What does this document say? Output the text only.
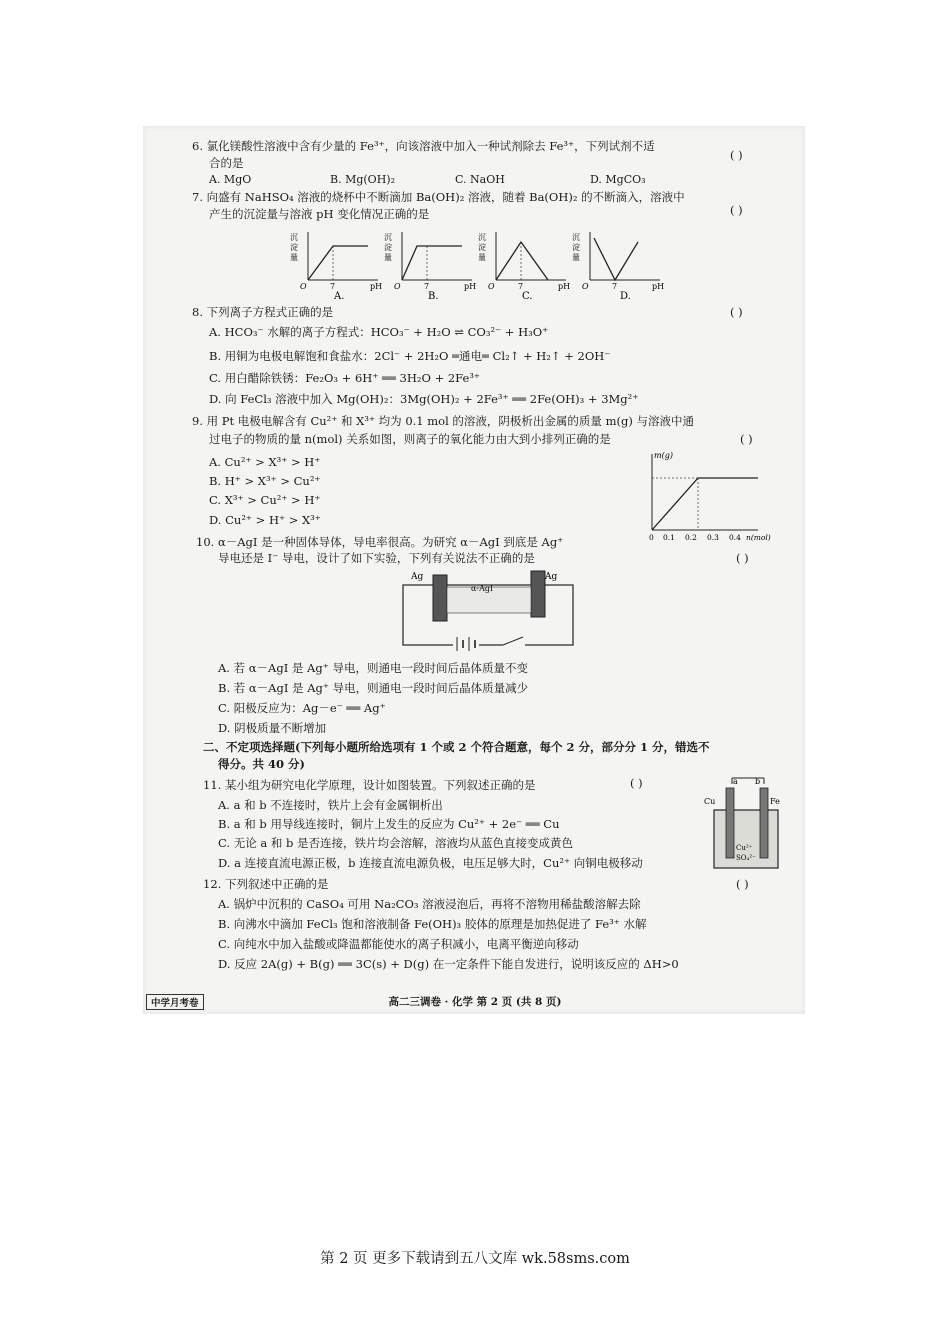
6. 氯化镁酸性溶液中含有少量的 Fe³⁺，向该溶液中加入一种试剂除去 Fe³⁺，下列试剂不适
合的是
( )
A. MgO	B. Mg(OH)₂	C. NaOH	D. MgCO₃
7. 向盛有 NaHSO₄ 溶液的烧杯中不断滴加 Ba(OH)₂ 溶液，随着 Ba(OH)₂ 的不断滴入，溶液中
产生的沉淀量与溶液 pH 变化情况正确的是	( )
沉
淀
量
O	7	pH
A.
沉
淀
量
O	7	pH
B.
沉
淀
量
O	7	pH
C.
沉
淀
量
O	7	pH
D.
8. 下列离子方程式正确的是	( )
A. HCO₃⁻ 水解的离子方程式：HCO₃⁻ + H₂O ⇌ CO₃²⁻ + H₃O⁺
B. 用铜为电极电解饱和食盐水：2Cl⁻ + 2H₂O ═通电═ Cl₂↑ + H₂↑ + 2OH⁻
C. 用白醋除铁锈：Fe₂O₃ + 6H⁺ ══ 3H₂O + 2Fe³⁺
D. 向 FeCl₃ 溶液中加入 Mg(OH)₂：3Mg(OH)₂ + 2Fe³⁺ ══ 2Fe(OH)₃ + 3Mg²⁺
9. 用 Pt 电极电解含有 Cu²⁺ 和 X³⁺ 均为 0.1 mol 的溶液，阴极析出金属的质量 m(g) 与溶液中通
过电子的物质的量 n(mol) 关系如图，则离子的氧化能力由大到小排列正确的是	( )
A. Cu²⁺ > X³⁺ > H⁺
B. H⁺ > X³⁺ > Cu²⁺
C. X³⁺ > Cu²⁺ > H⁺
D. Cu²⁺ > H⁺ > X³⁺
m(g)
0 0.1 0.2 0.3 0.4 n(mol)
10. α－AgI 是一种固体导体，导电率很高。为研究 α－AgI 到底是 Ag⁺
导电还是 I⁻ 导电，设计了如下实验，下列有关说法不正确的是	( )
Ag	Ag
α-AgI
A. 若 α－AgI 是 Ag⁺ 导电，则通电一段时间后晶体质量不变
B. 若 α－AgI 是 Ag⁺ 导电，则通电一段时间后晶体质量减少
C. 阳极反应为：Ag－e⁻ ══ Ag⁺
D. 阴极质量不断增加
二、不定项选择题(下列每小题所给选项有 1 个或 2 个符合题意，每个 2 分，部分分 1 分，错选不
得分。共 40 分)
11. 某小组为研究电化学原理，设计如图装置。下列叙述正确的是	( )
A. a 和 b 不连接时，铁片上会有金属铜析出
B. a 和 b 用导线连接时，铜片上发生的反应为 Cu²⁺ + 2e⁻ ══ Cu
C. 无论 a 和 b 是否连接，铁片均会溶解，溶液均从蓝色直接变成黄色
D. a 连接直流电源正极，b 连接直流电源负极，电压足够大时，Cu²⁺ 向铜电极移动
a b
Cu	Fe
Cu²⁺
SO₄²⁻
12. 下列叙述中正确的是	( )
A. 锅炉中沉积的 CaSO₄ 可用 Na₂CO₃ 溶液浸泡后，再将不溶物用稀盐酸溶解去除
B. 向沸水中滴加 FeCl₃ 饱和溶液制备 Fe(OH)₃ 胶体的原理是加热促进了 Fe³⁺ 水解
C. 向纯水中加入盐酸或降温都能使水的离子积减小，电离平衡逆向移动
D. 反应 2A(g) + B(g) ══ 3C(s) + D(g) 在一定条件下能自发进行，说明该反应的 ΔH>0
中学月考卷	高二三调卷 · 化学 第 2 页 (共 8 页)
第 2 页 更多下载请到五八文库 wk.58sms.com
